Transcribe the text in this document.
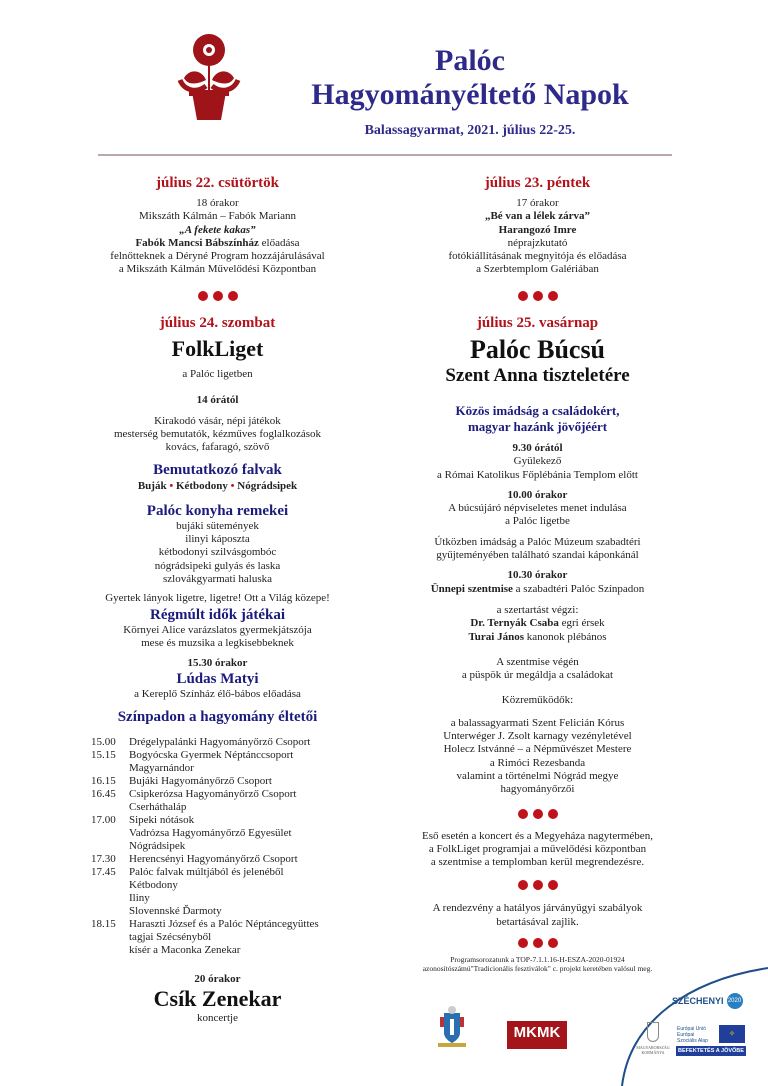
Palóc
Hagyományéltető Napok
Balassagyarmat, 2021. július 22-25.
július 22. csütörtök
18 órakor
Mikszáth Kálmán – Fabók Mariann
„A fekete kakas”
Fabók Mancsi Bábszínház előadása
felnőtteknek a Déryné Program hozzájárulásával
a Mikszáth Kálmán Művelődési Központban
július 23. péntek
17 órakor
„Bé van a lélek zárva”
Harangozó Imre
néprajzkutató
fotókiállításának megnyitója és előadása
a Szerbtemplom Galériában
július 24. szombat
FolkLiget
a Palóc ligetben
14 órától
Kirakodó vásár, népi játékok
mesterség bemutatók, kézműves foglalkozások
kovács, fafaragó, szövő
Bemutatkozó falvak
Buják • Kétbodony • Nógrádsipek
Palóc konyha remekei
bujáki sütemények
ilinyi káposzta
kétbodonyi szilvásgombóc
nógrádsipeki gulyás és laska
szlovákgyarmati haluska
Gyertek lányok ligetre, ligetre! Ott a Világ közepe!
Régmúlt idők játékai
Környei Alice varázslatos gyermekjátszója
mese és muzsika a legkisebbeknek
15.30 órakor
Lúdas Matyi
a Kereplő Színház élő-bábos előadása
Színpadon a hagyomány éltetői
15.00	Drégelypalánki Hagyományőrző Csoport
15.15	Bogyócska Gyermek Néptánccsoport
Magyarnándor
16.15	Bujáki Hagyományőrző Csoport
16.45	Csipkerózsa Hagyományőrző Csoport
Cserháthaláp
17.00	Sipeki nótások
Vadrózsa Hagyományőrző Egyesület
Nógrádsipek
17.30	Herencsényi Hagyományőrző Csoport
17.45	Palóc falvak múltjából és jelenéből
Kétbodony
Iliny
Slovennské Ďarmoty
18.15	Haraszti József és a Palóc Néptáncegyüttes
tagjai Szécsényből
kísér a Maconka Zenekar
20 órakor
Csík Zenekar
koncertje
július 25. vasárnap
Palóc Búcsú
Szent Anna tiszteletére
Közös imádság a családokért,
magyar hazánk jövőjéért
9.30 órától
Gyülekező
a Római Katolikus Főplébánia Templom előtt
10.00 órakor
A búcsújáró népviseletes menet indulása
a Palóc ligetbe
Útközben imádság a Palóc Múzeum szabadtéri
gyűjteményében található szandai káponkánál
10.30 órakor
Ünnepi szentmise a szabadtéri Palóc Színpadon
a szertartást végzi:
Dr. Ternyák Csaba egri érsek
Turai János kanonok plébános
A szentmise végén
a püspök úr megáldja a családokat
Közreműködők:
a balassagyarmati Szent Felicián Kórus
Unterwéger J. Zsolt karnagy vezényletével
Holecz Istvánné – a Népművészet Mestere
a Rimóci Rezesbanda
valamint a történelmi Nógrád megye
hagyományőrzői
Eső esetén a koncert és a Megyeháza nagytermében,
a FolkLiget programjai a művelődési központban
a szentmise a templomban kerül megrendezésre.
A rendezvény a hatályos járványügyi szabályok
betartásával zajlik.
Programsorozatunk a TOP-7.1.1.16-H-ESZA-2020-01924
azonosítószámú"Tradicionális fesztiválok" c. projekt keretében valósul meg.
MKMK
SZÉCHENYI 2020
MAGYARORSZÁG KORMÁNYA
Európai Unió Európai Szociális Alap
✧
BEFEKTETÉS A JÖVŐBE
